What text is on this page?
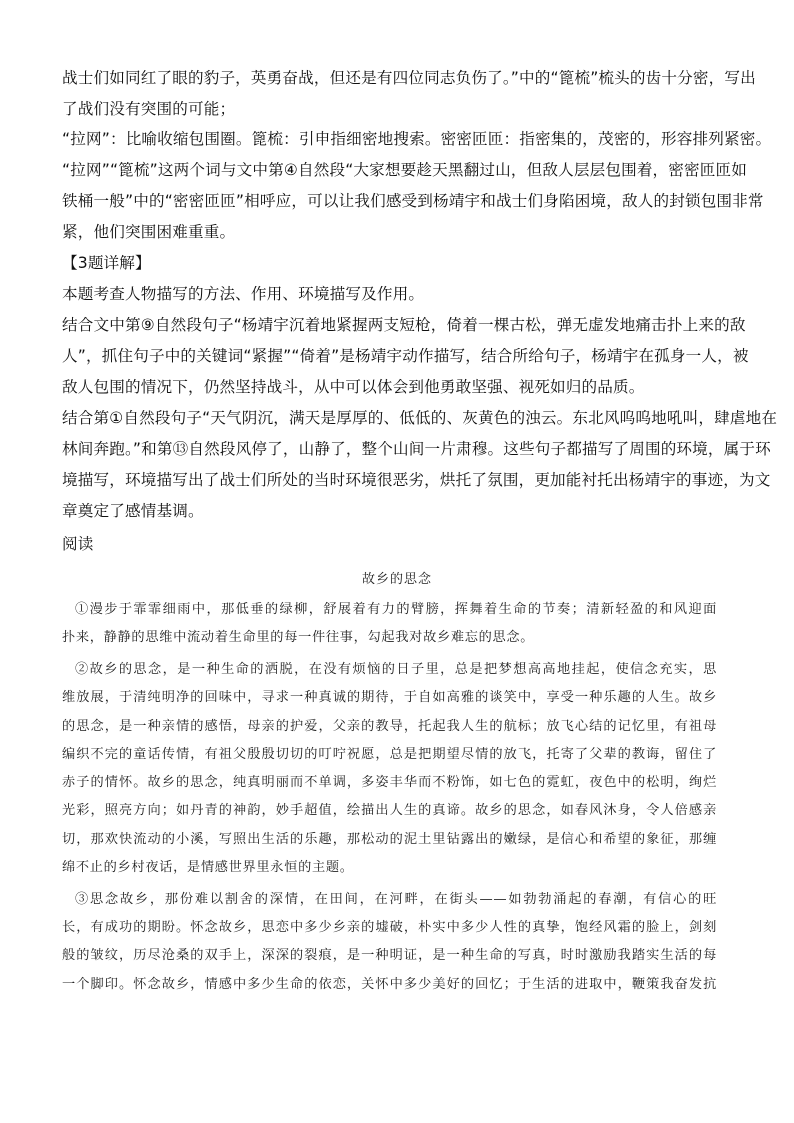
战士们如同红了眼的豹子，英勇奋战，但还是有四位同志负伤了。”中的“篦梳”梳头的齿十分密，写出
了战们没有突围的可能；
“拉网”：比喻收缩包围圈。篦梳：引申指细密地搜索。密密匝匝：指密集的，茂密的，形容排列紧密。
“拉网”“篦梳”这两个词与文中第④自然段“大家想要趁天黑翻过山，但敌人层层包围着，密密匝匝如
铁桶一般”中的“密密匝匝”相呼应，可以让我们感受到杨靖宇和战士们身陷困境，敌人的封锁包围非常
紧，他们突围困难重重。
【3题详解】
本题考查人物描写的方法、作用、环境描写及作用。
结合文中第⑨自然段句子“杨靖宇沉着地紧握两支短枪，倚着一棵古松，弹无虚发地痛击扑上来的敌
人”，抓住句子中的关键词“紧握”“倚着”是杨靖宇动作描写，结合所给句子，杨靖宇在孤身一人，被
敌人包围的情况下，仍然坚持战斗，从中可以体会到他勇敢坚强、视死如归的品质。
结合第①自然段句子“天气阴沉，满天是厚厚的、低低的、灰黄色的浊云。东北风呜呜地吼叫，肆虐地在
林间奔跑。”和第⑬自然段风停了，山静了，整个山间一片肃穆。这些句子都描写了周围的环境，属于环
境描写，环境描写出了战士们所处的当时环境很恶劣，烘托了氛围，更加能衬托出杨靖宇的事迹，为文
章奠定了感情基调。
阅读
故乡的思念
①漫步于霏霏细雨中，那低垂的绿柳，舒展着有力的臂膀，挥舞着生命的节奏；清新轻盈的和风迎面
扑来，静静的思维中流动着生命里的每一件往事，勾起我对故乡难忘的思念。
②故乡的思念，是一种生命的洒脱，在没有烦恼的日子里，总是把梦想高高地挂起，使信念充实，思
维放展，于清纯明净的回味中，寻求一种真诚的期待，于自如高雅的谈笑中，享受一种乐趣的人生。故乡
的思念，是一种亲情的感悟，母亲的护爱，父亲的教导，托起我人生的航标；放飞心结的记忆里，有祖母
编织不完的童话传情，有祖父殷殷切切的叮咛祝愿，总是把期望尽情的放飞，托寄了父辈的教诲，留住了
赤子的情怀。故乡的思念，纯真明丽而不单调，多姿丰华而不粉饰，如七色的霓虹，夜色中的松明，绚烂
光彩，照亮方向；如丹青的神韵，妙手超值，绘描出人生的真谛。故乡的思念，如春风沐身，令人倍感亲
切，那欢快流动的小溪，写照出生活的乐趣，那松动的泥土里钻露出的嫩绿，是信心和希望的象征，那缠
绵不止的乡村夜话，是情感世界里永恒的主题。
③思念故乡，那份难以割舍的深情，在田间，在河畔，在街头——如勃勃涌起的春潮，有信心的旺
长，有成功的期盼。怀念故乡，思恋中多少乡亲的墟破，朴实中多少人性的真挚，饱经风霜的脸上，剑刻
般的皱纹，历尽沧桑的双手上，深深的裂痕，是一种明证，是一种生命的写真，时时激励我踏实生活的每
一个脚印。怀念故乡，情感中多少生命的依恋，关怀中多少美好的回忆；于生活的进取中，鞭策我奋发抗
